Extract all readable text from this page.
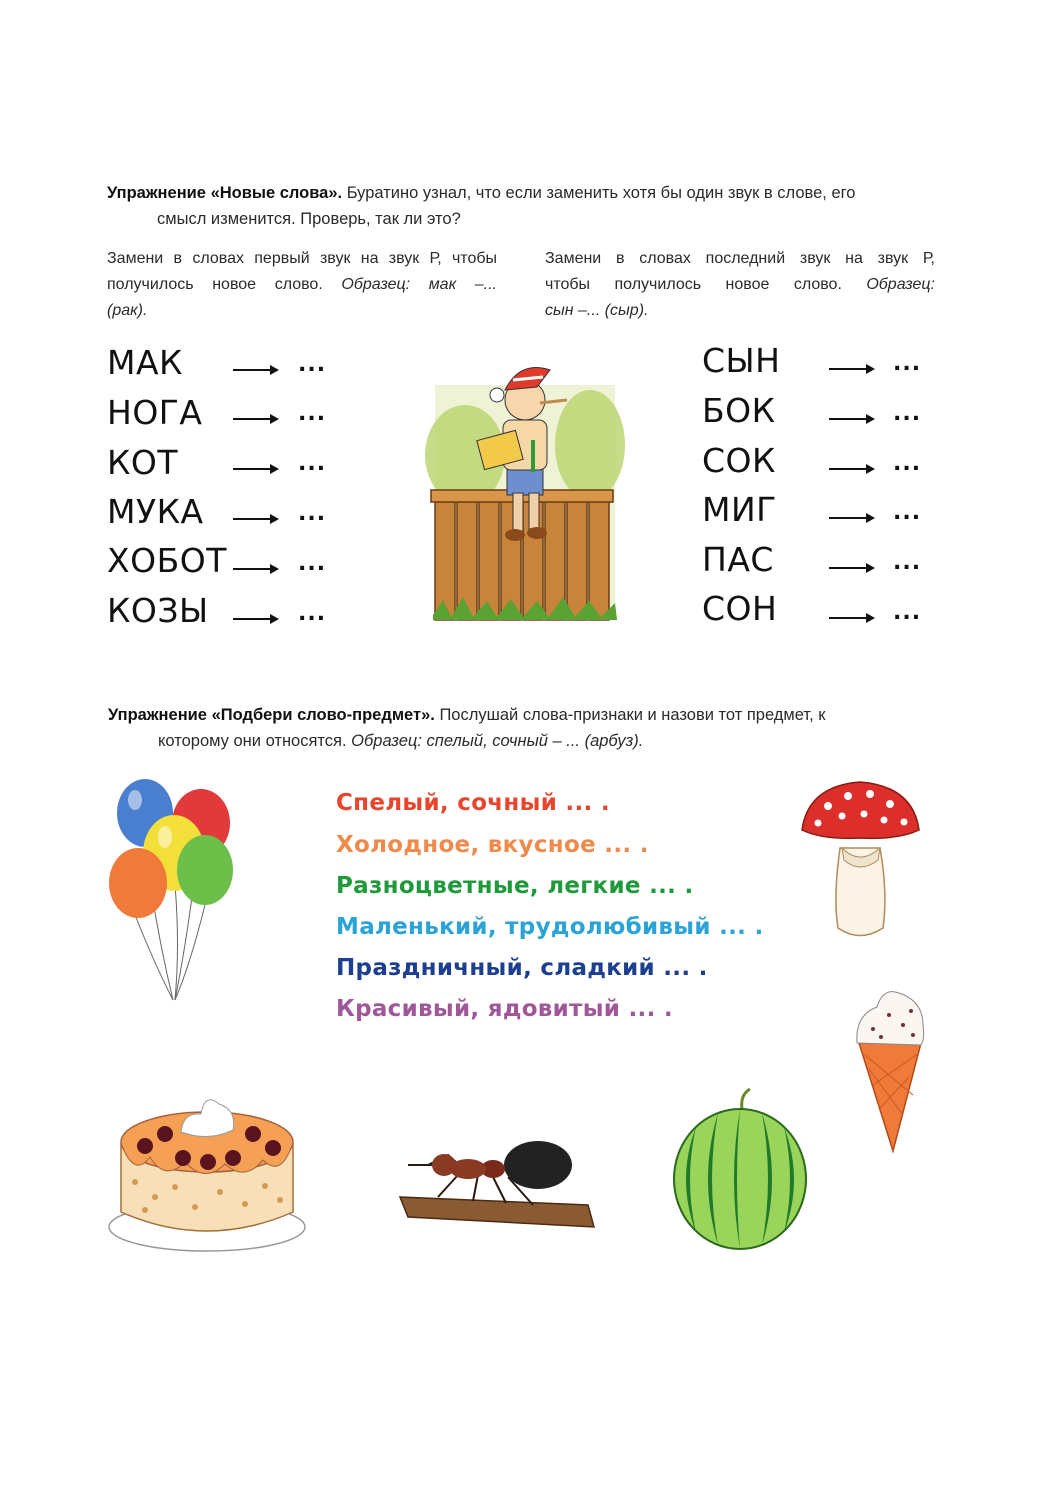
Упражнение «Новые слова». Буратино узнал, что если заменить хотя бы один звук в слове, его
смысл изменится. Проверь, так ли это?
Замени в словах первый звук на звук Р, чтобы
получилось новое слово. Образец: мак –...
(рак).
Замени в словах последний звук на звук Р,
чтобы получилось новое слово. Образец:
сын –... (сыр).
МАК	...
НОГА	...
КОТ	...
МУКА	...
ХОБОТ	...
КОЗЫ	...
СЫН	...
БОК	...
СОК	...
МИГ	...
ПАС	...
СОН	...
Упражнение «Подбери слово-предмет». Послушай слова-признаки и назови тот предмет, к
которому они относятся. Образец: спелый, сочный – ... (арбуз).
Спелый, сочный ... .
Холодное, вкусное ... .
Разноцветные, легкие ... .
Маленький, трудолюбивый ... .
Праздничный, сладкий ... .
Красивый, ядовитый ... .
